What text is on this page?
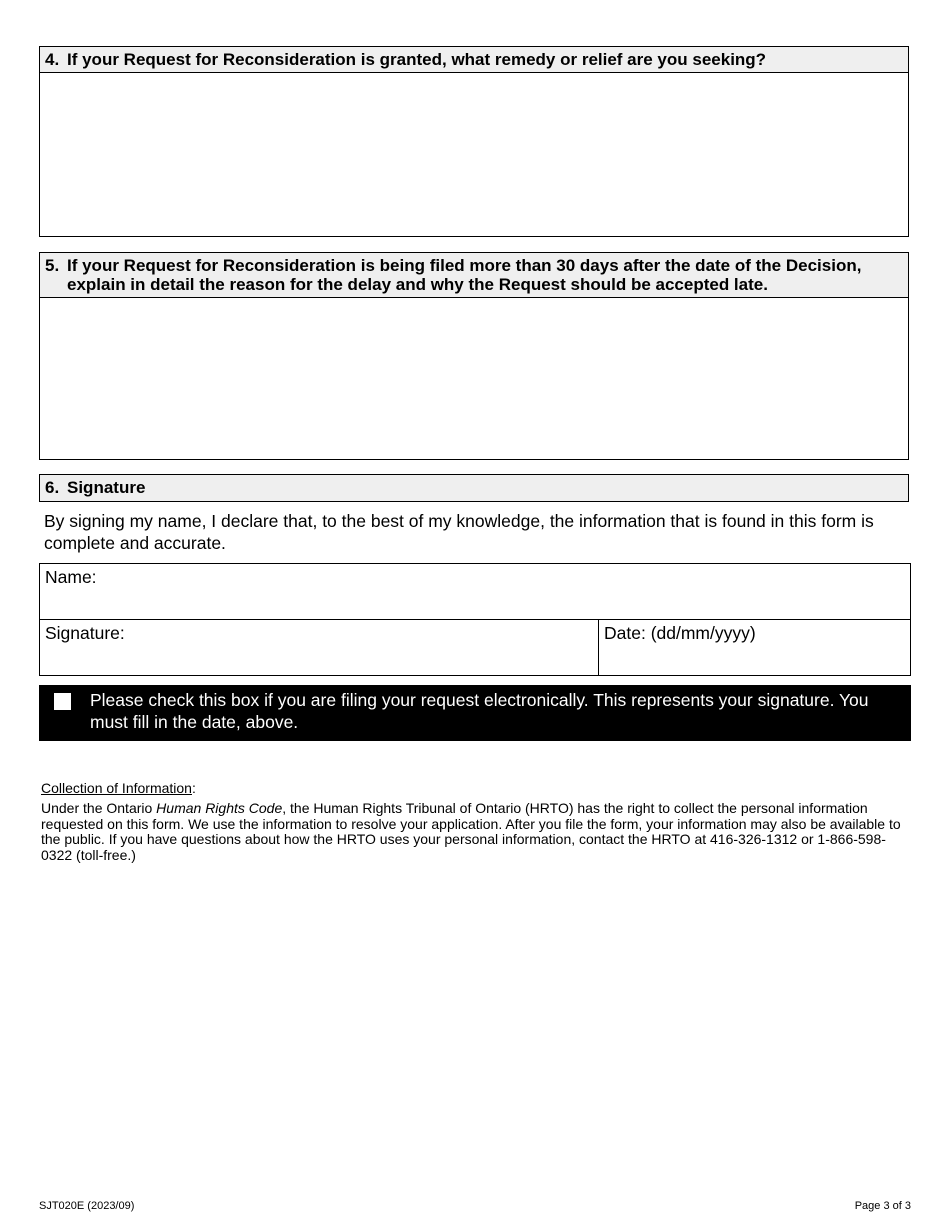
4. If your Request for Reconsideration is granted, what remedy or relief are you seeking?
5. If your Request for Reconsideration is being filed more than 30 days after the date of the Decision, explain in detail the reason for the delay and why the Request should be accepted late.
6. Signature
By signing my name, I declare that, to the best of my knowledge, the information that is found in this form is complete and accurate.
Name:
Signature:	Date: (dd/mm/yyyy)
Please check this box if you are filing your request electronically. This represents your signature. You must fill in the date, above.
Collection of Information:
Under the Ontario Human Rights Code, the Human Rights Tribunal of Ontario (HRTO) has the right to collect the personal information requested on this form. We use the information to resolve your application. After you file the form, your information may also be available to the public. If you have questions about how the HRTO uses your personal information, contact the HRTO at 416-326-1312 or 1-866-598-0322 (toll-free.)
SJT020E (2023/09)	Page 3 of 3
